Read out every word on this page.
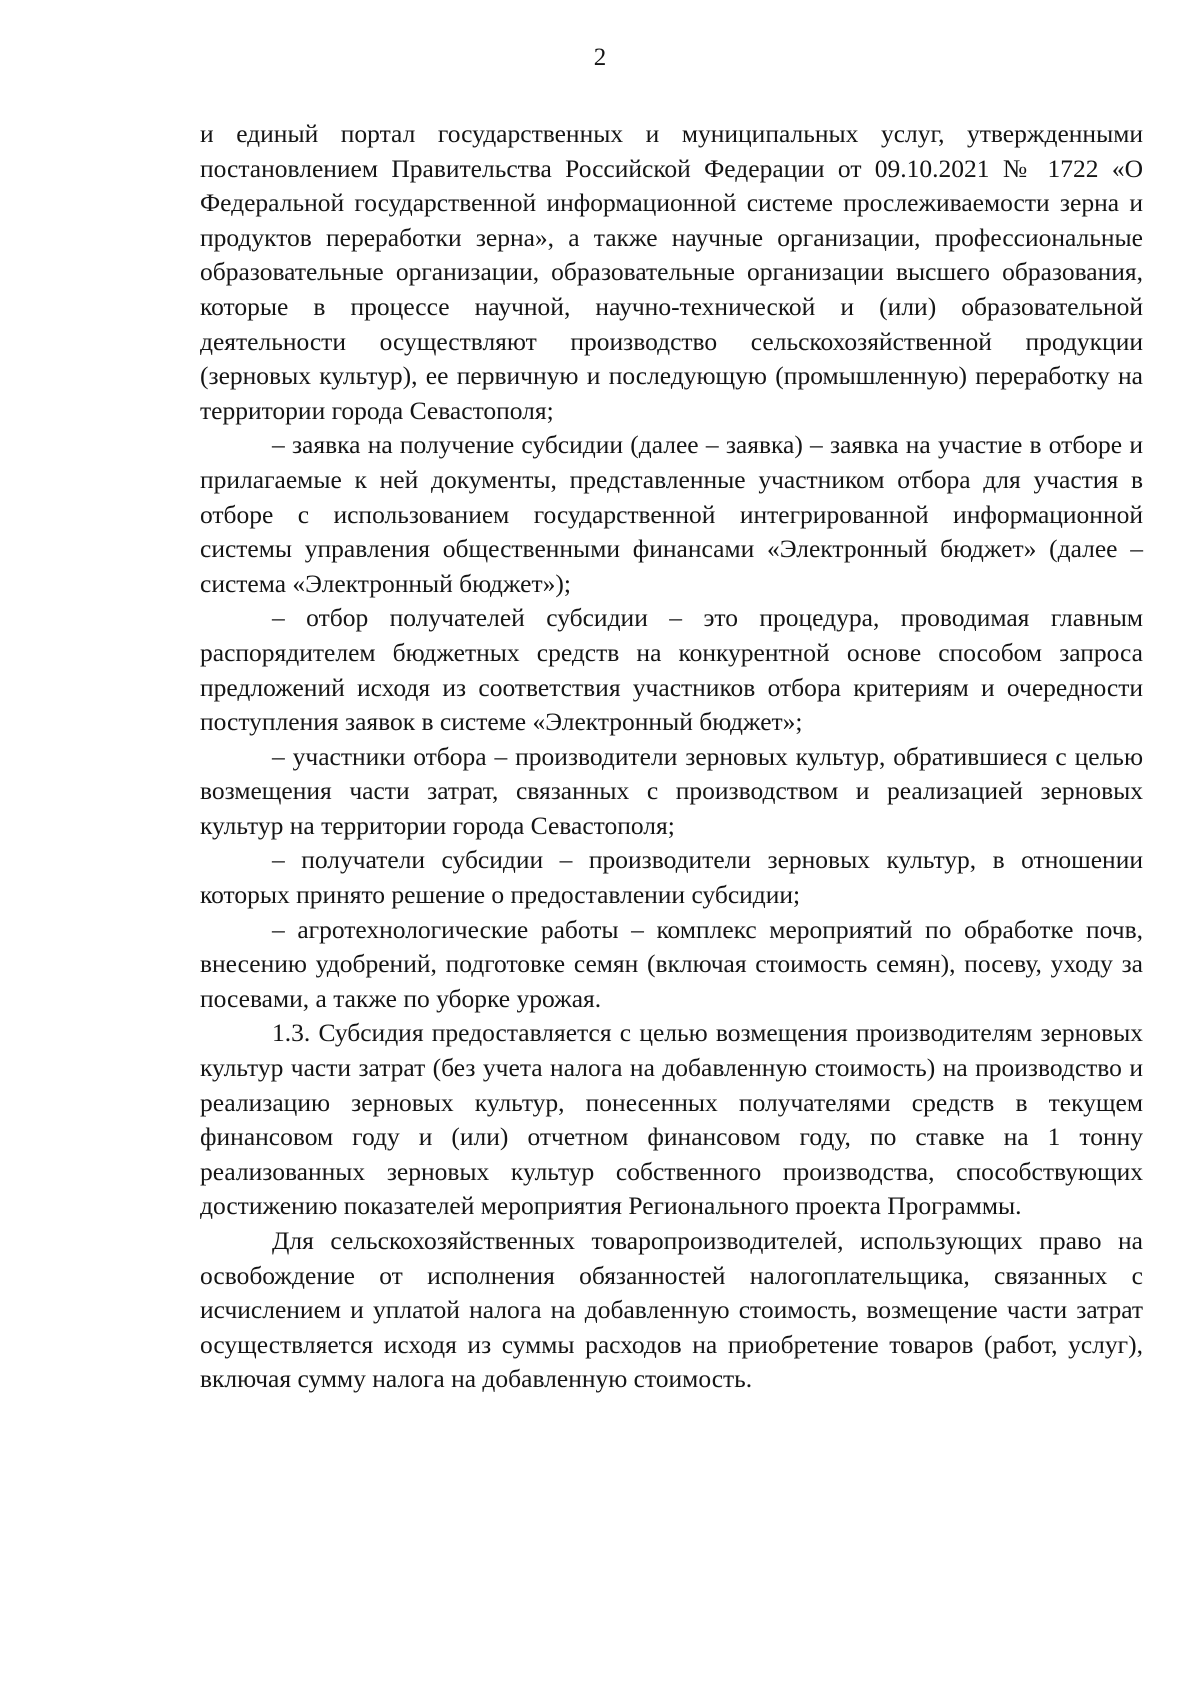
2

и единый портал государственных и муниципальных услуг, утвержденными постановлением Правительства Российской Федерации от 09.10.2021 № 1722 «О Федеральной государственной информационной системе прослеживаемости зерна и продуктов переработки зерна», а также научные организации, профессиональные образовательные организации, образовательные организации высшего образования, которые в процессе научной, научно-технической и (или) образовательной деятельности осуществляют производство сельскохозяйственной продукции (зерновых культур), ее первичную и последующую (промышленную) переработку на территории города Севастополя;

– заявка на получение субсидии (далее – заявка) – заявка на участие в отборе и прилагаемые к ней документы, представленные участником отбора для участия в отборе с использованием государственной интегрированной информационной системы управления общественными финансами «Электронный бюджет» (далее – система «Электронный бюджет»);

– отбор получателей субсидии – это процедура, проводимая главным распорядителем бюджетных средств на конкурентной основе способом запроса предложений исходя из соответствия участников отбора критериям и очередности поступления заявок в системе «Электронный бюджет»;

– участники отбора – производители зерновых культур, обратившиеся с целью возмещения части затрат, связанных с производством и реализацией зерновых культур на территории города Севастополя;

– получатели субсидии – производители зерновых культур, в отношении которых принято решение о предоставлении субсидии;

– агротехнологические работы – комплекс мероприятий по обработке почв, внесению удобрений, подготовке семян (включая стоимость семян), посеву, уходу за посевами, а также по уборке урожая.

1.3. Субсидия предоставляется с целью возмещения производителям зерновых культур части затрат (без учета налога на добавленную стоимость) на производство и реализацию зерновых культур, понесенных получателями средств в текущем финансовом году и (или) отчетном финансовом году, по ставке на 1 тонну реализованных зерновых культур собственного производства, способствующих достижению показателей мероприятия Регионального проекта Программы.

Для сельскохозяйственных товаропроизводителей, использующих право на освобождение от исполнения обязанностей налогоплательщика, связанных с исчислением и уплатой налога на добавленную стоимость, возмещение части затрат осуществляется исходя из суммы расходов на приобретение товаров (работ, услуг), включая сумму налога на добавленную стоимость.
